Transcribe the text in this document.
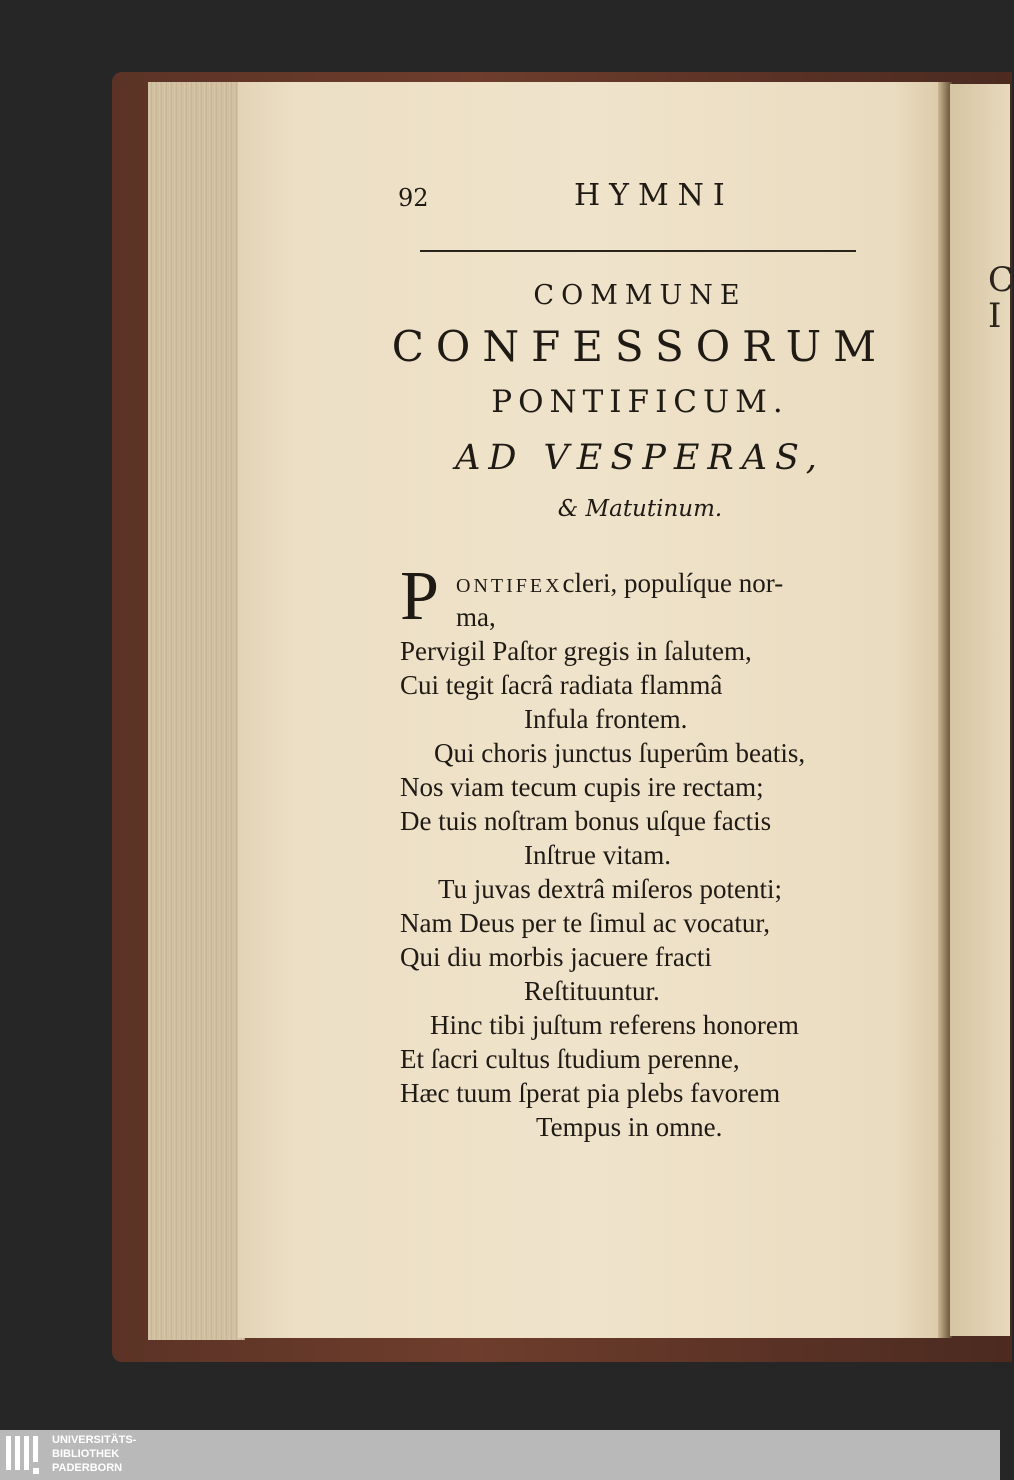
C
I
92	HYMNI
COMMUNE
CONFESSORUM
PONTIFICUM.
AD VESPERAS,
& Matutinum.
P ONTIFEXcleri, populíque nor-
ma,
Pervigil Paſtor gregis in ſalutem,
Cui tegit ſacrâ radiata flammâ
Infula frontem.
Qui choris junctus ſuperûm beatis,
Nos viam tecum cupis ire rectam;
De tuis noſtram bonus uſque factis
Inſtrue vitam.
Tu juvas dextrâ miſeros potenti;
Nam Deus per te ſimul ac vocatur,
Qui diu morbis jacuere fracti
Reſtituuntur.
Hinc tibi juſtum referens honorem
Et ſacri cultus ſtudium perenne,
Hæc tuum ſperat pia plebs favorem
Tempus in omne.
UNIVERSITÄTS-
BIBLIOTHEK
PADERBORN
